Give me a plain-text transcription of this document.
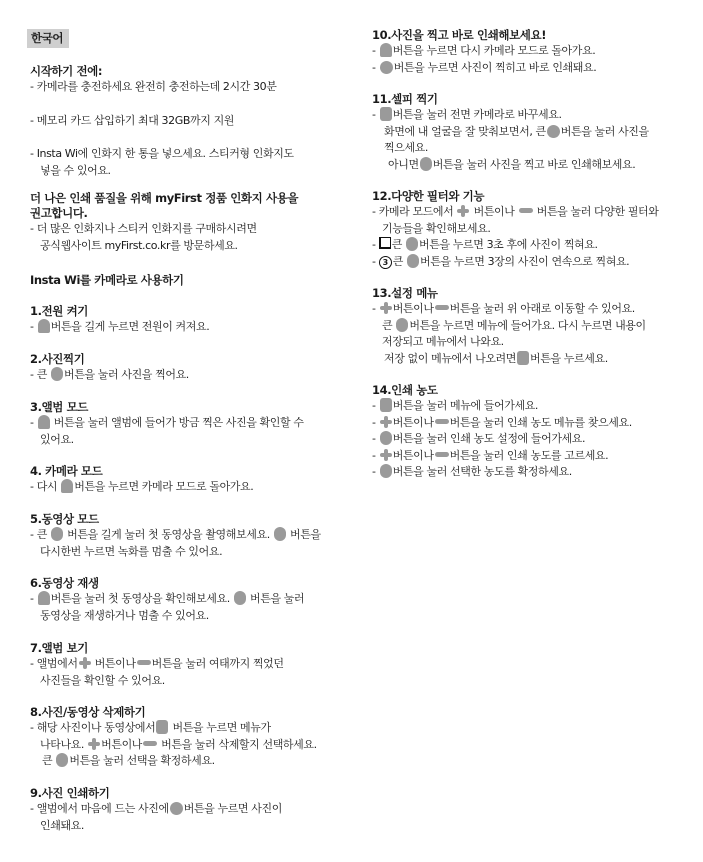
한국어
시작하기 전에:
- 카메라를 충전하세요 완전히 충전하는데 2시간 30분
- 메모리 카드 삽입하기 최대 32GB까지 지원
- Insta Wi에 인화지 한 통을 넣으세요. 스티커형 인화지도
넣을 수 있어요.
더 나은 인쇄 품질을 위해 myFirst 정품 인화지 사용을
권고합니다.
- 더 많은 인화지나 스티커 인화지를 구매하시려면
공식웹사이트 myFirst.co.kr를 방문하세요.
Insta Wi를 카메라로 사용하기
1.전원 켜기
- 버튼을 길게 누르면 전원이 켜져요.
2.사진찍기
- 큰 버튼을 눌러 사진을 찍어요.
3.앨범 모드
- 버튼을 눌러 앨범에 들어가 방금 찍은 사진을 확인할 수
있어요.
4. 카메라 모드
- 다시 버튼을 누르면 카메라 모드로 돌아가요.
5.동영상 모드
- 큰 버튼을 길게 눌러 첫 동영상을 촬영해보세요. 버튼을
다시한번 누르면 녹화를 멈출 수 있어요.
6.동영상 재생
- 버튼을 눌러 첫 동영상을 확인해보세요. 버튼을 눌러
동영상을 재생하거나 멈출 수 있어요.
7.앨범 보기
- 앨범에서 버튼이나 버튼을 눌러 여태까지 찍었던
사진들을 확인할 수 있어요.
8.사진/동영상 삭제하기
- 해당 사진이나 동영상에서 버튼을 누르면 메뉴가
나타나요. 버튼이나 버튼을 눌러 삭제할지 선택하세요.
큰 버튼을 눌러 선택을 확정하세요.
9.사진 인쇄하기
- 앨범에서 마음에 드는 사진에 버튼을 누르면 사진이
인쇄돼요.
10.사진을 찍고 바로 인쇄해보세요!
- 버튼을 누르면 다시 카메라 모드로 돌아가요.
- 버튼을 누르면 사진이 찍히고 바로 인쇄돼요.
11.셀피 찍기
- 버튼을 눌러 전면 카메라로 바꾸세요.
화면에 내 얼굴을 잘 맞춰보면서, 큰 버튼을 눌러 사진을
찍으세요.
아니면 버튼을 눌러 사진을 찍고 바로 인쇄해보세요.
12.다양한 필터와 기능
- 카메라 모드에서 버튼이나 버튼을 눌러 다양한 필터와
기능들을 확인해보세요.
- 큰 버튼을 누르면 3초 후에 사진이 찍혀요.
- 3 큰 버튼을 누르면 3장의 사진이 연속으로 찍혀요.
13.설정 메뉴
- 버튼이나 버튼을 눌러 위 아래로 이동할 수 있어요.
큰 버튼을 누르면 메뉴에 들어가요. 다시 누르면 내용이
저장되고 메뉴에서 나와요.
저장 없이 메뉴에서 나오려면 버튼을 누르세요.
14.인쇄 농도
- 버튼을 눌러 메뉴에 들어가세요.
- 버튼이나 버튼을 눌러 인쇄 농도 메뉴를 찾으세요.
- 버튼을 눌러 인쇄 농도 설정에 들어가세요.
- 버튼이나 버튼을 눌러 인쇄 농도를 고르세요.
- 버튼을 눌러 선택한 농도를 확정하세요.
